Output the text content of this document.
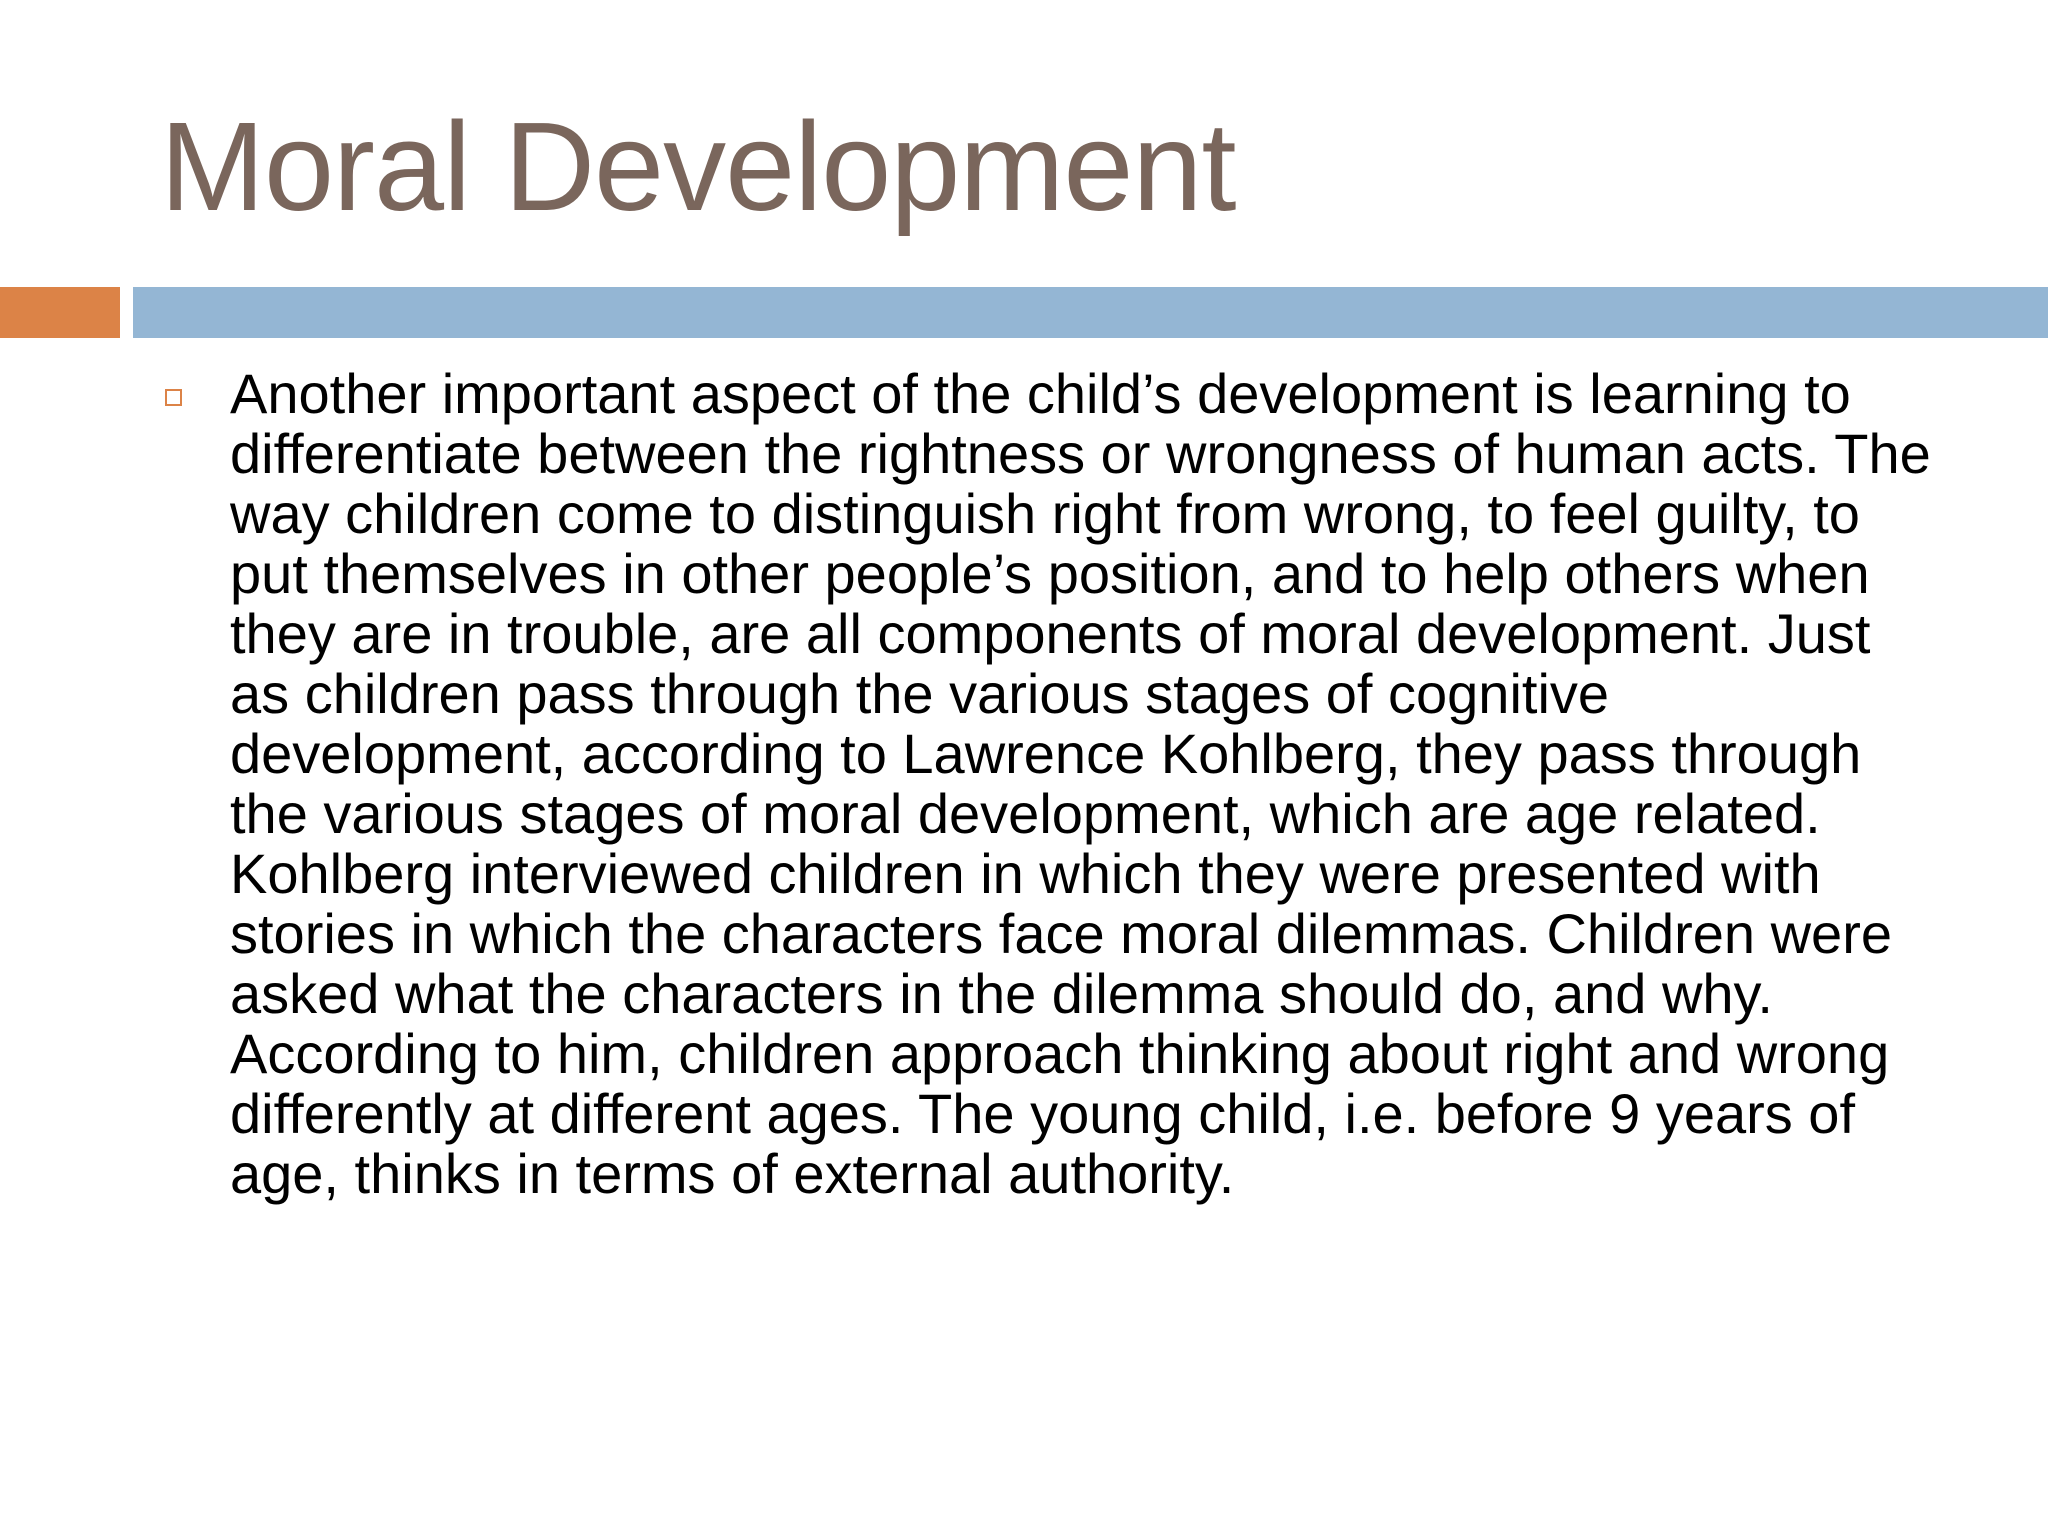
Moral Development

Another important aspect of the child’s development is learning to differentiate between the rightness or wrongness of human acts. The way children come to distinguish right from wrong, to feel guilty, to put themselves in other people’s position, and to help others when they are in trouble, are all components of moral development. Just as children pass through the various stages of cognitive development, according to Lawrence Kohlberg, they pass through the various stages of moral development, which are age related. Kohlberg interviewed children in which they were presented with stories in which the characters face moral dilemmas. Children were asked what the characters in the dilemma should do, and why. According to him, children approach thinking about right and wrong differently at different ages. The young child, i.e. before 9 years of age, thinks in terms of external authority.
